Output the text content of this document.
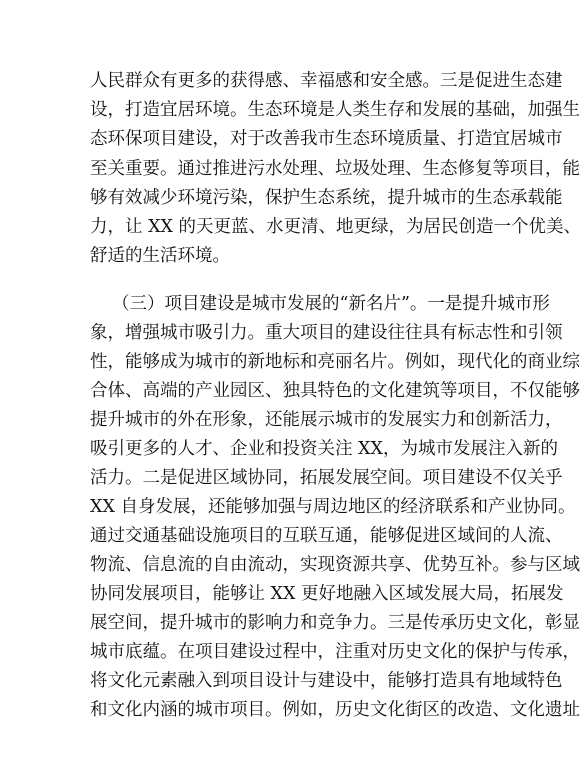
人民群众有更多的获得感、幸福感和安全感。三是促进生态建
设，打造宜居环境。生态环境是人类生存和发展的基础，加强生
态环保项目建设，对于改善我市生态环境质量、打造宜居城市
至关重要。通过推进污水处理、垃圾处理、生态修复等项目，能
够有效减少环境污染，保护生态系统，提升城市的生态承载能
力，让 XX 的天更蓝、水更清、地更绿，为居民创造一个优美、
舒适的生活环境。
（三）项目建设是城市发展的“新名片”。一是提升城市形
象，增强城市吸引力。重大项目的建设往往具有标志性和引领
性，能够成为城市的新地标和亮丽名片。例如，现代化的商业综
合体、高端的产业园区、独具特色的文化建筑等项目，不仅能够
提升城市的外在形象，还能展示城市的发展实力和创新活力，
吸引更多的人才、企业和投资关注 XX，为城市发展注入新的
活力。二是促进区域协同，拓展发展空间。项目建设不仅关乎
XX 自身发展，还能够加强与周边地区的经济联系和产业协同。
通过交通基础设施项目的互联互通，能够促进区域间的人流、
物流、信息流的自由流动，实现资源共享、优势互补。参与区域
协同发展项目，能够让 XX 更好地融入区域发展大局，拓展发
展空间，提升城市的影响力和竞争力。三是传承历史文化，彰显
城市底蕴。在项目建设过程中，注重对历史文化的保护与传承，
将文化元素融入到项目设计与建设中，能够打造具有地域特色
和文化内涵的城市项目。例如，历史文化街区的改造、文化遗址
